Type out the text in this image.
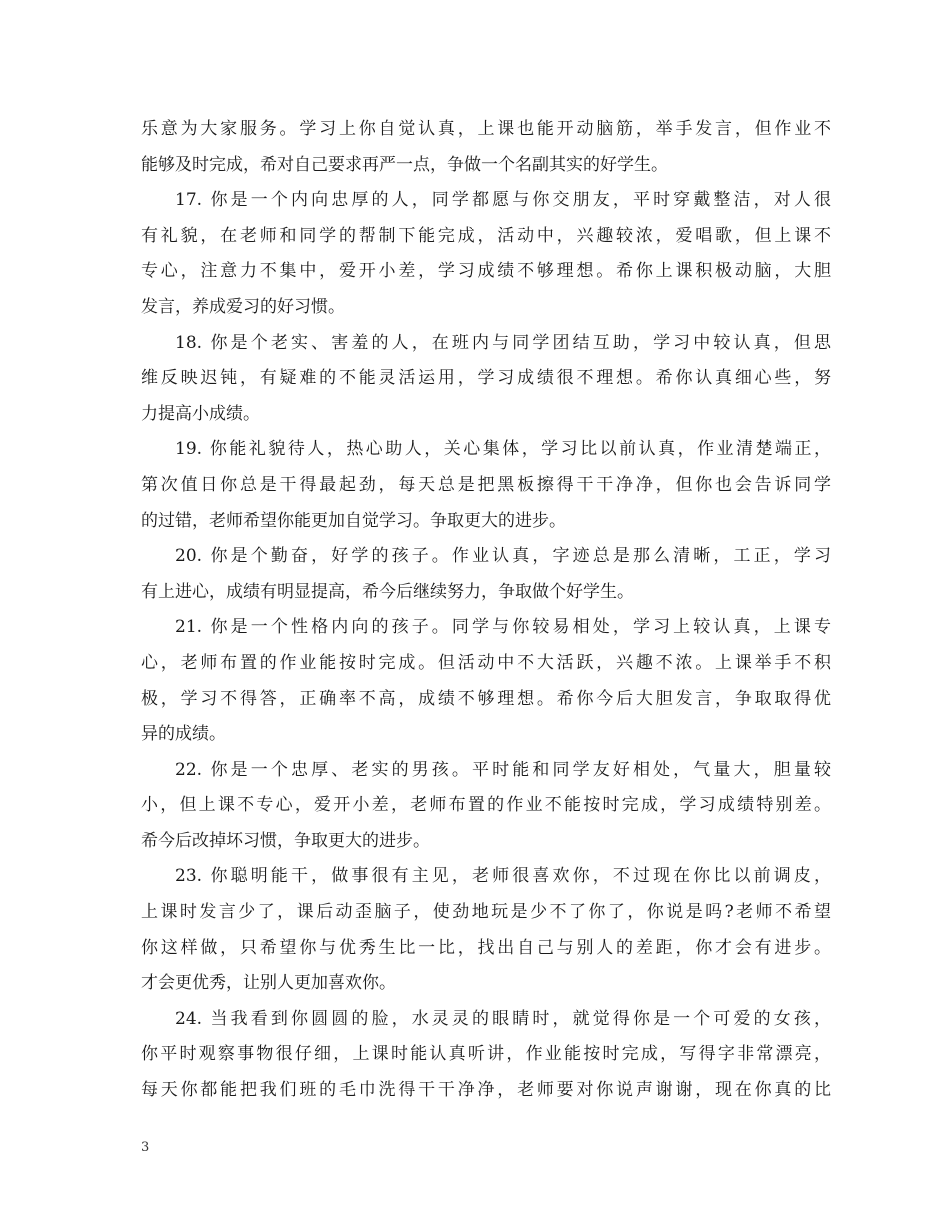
乐意为大家服务。学习上你自觉认真，上课也能开动脑筋，举手发言，但作业不
能够及时完成，希对自己要求再严一点，争做一个名副其实的好学生。
17. 你是一个内向忠厚的人，同学都愿与你交朋友，平时穿戴整洁，对人很
有礼貌，在老师和同学的帮制下能完成，活动中，兴趣较浓，爱唱歌，但上课不
专心，注意力不集中，爱开小差，学习成绩不够理想。希你上课积极动脑，大胆
发言，养成爱习的好习惯。
18. 你是个老实、害羞的人，在班内与同学团结互助，学习中较认真，但思
维反映迟钝，有疑难的不能灵活运用，学习成绩很不理想。希你认真细心些，努
力提高小成绩。
19. 你能礼貌待人，热心助人，关心集体，学习比以前认真，作业清楚端正，
第次值日你总是干得最起劲，每天总是把黑板擦得干干净净，但你也会告诉同学
的过错，老师希望你能更加自觉学习。争取更大的进步。
20. 你是个勤奋，好学的孩子。作业认真，字迹总是那么清晰，工正，学习
有上进心，成绩有明显提高，希今后继续努力，争取做个好学生。
21. 你是一个性格内向的孩子。同学与你较易相处，学习上较认真，上课专
心，老师布置的作业能按时完成。但活动中不大活跃，兴趣不浓。上课举手不积
极，学习不得答，正确率不高，成绩不够理想。希你今后大胆发言，争取取得优
异的成绩。
22. 你是一个忠厚、老实的男孩。平时能和同学友好相处，气量大，胆量较
小，但上课不专心，爱开小差，老师布置的作业不能按时完成，学习成绩特别差。
希今后改掉坏习惯，争取更大的进步。
23. 你聪明能干，做事很有主见，老师很喜欢你，不过现在你比以前调皮，
上课时发言少了，课后动歪脑子，使劲地玩是少不了你了，你说是吗?老师不希望
你这样做，只希望你与优秀生比一比，找出自己与别人的差距，你才会有进步。
才会更优秀，让别人更加喜欢你。
24. 当我看到你圆圆的脸，水灵灵的眼睛时，就觉得你是一个可爱的女孩，
你平时观察事物很仔细，上课时能认真听讲，作业能按时完成，写得字非常漂亮，
每天你都能把我们班的毛巾洗得干干净净，老师要对你说声谢谢，现在你真的比
3
